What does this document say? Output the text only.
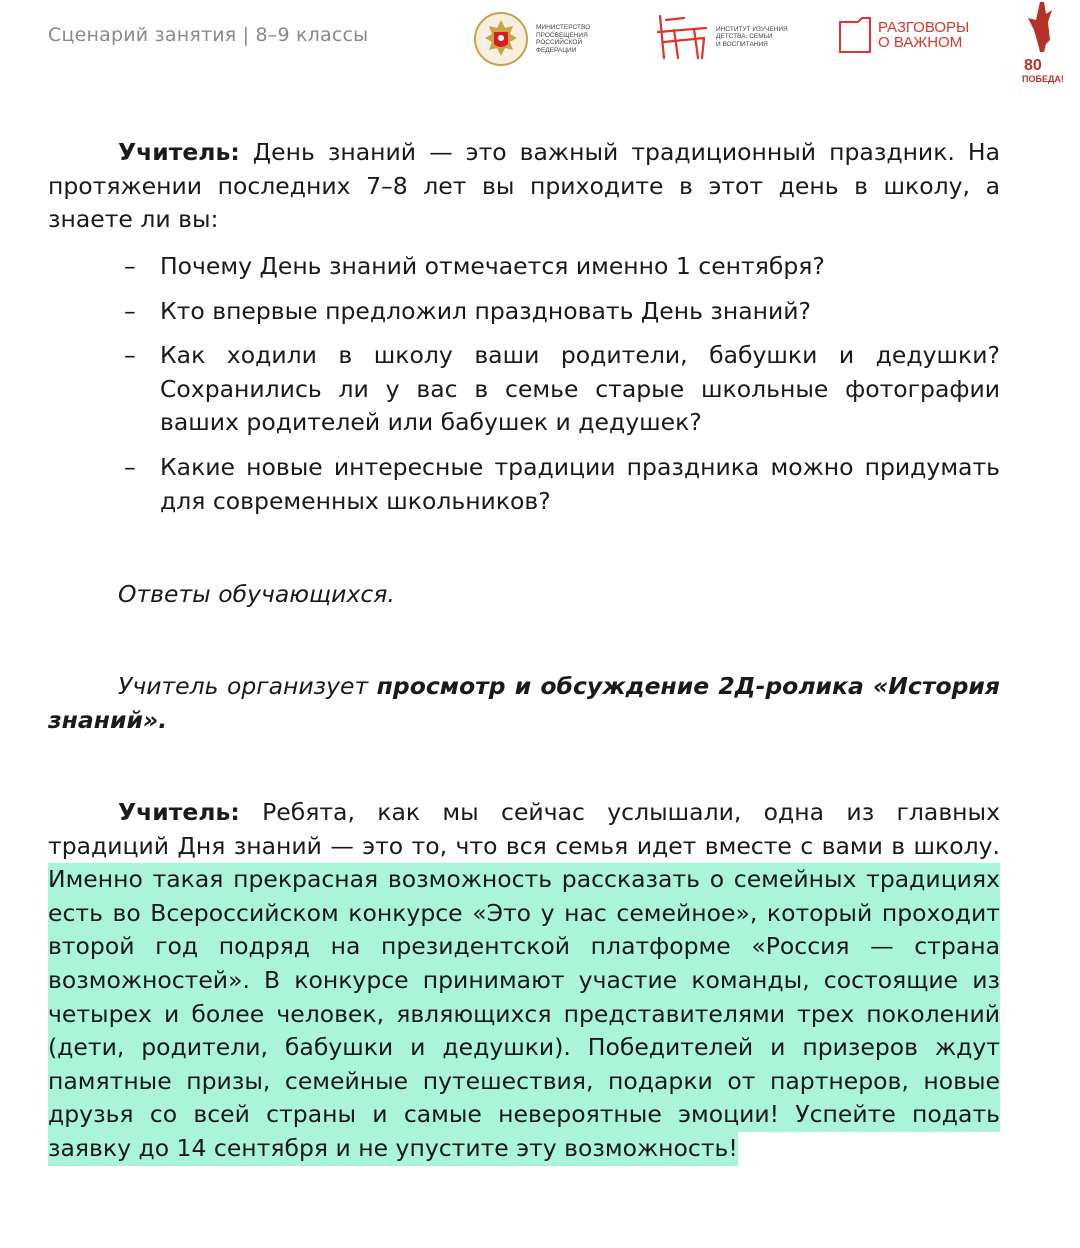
Сценарий занятия | 8–9 классы	МИНИСТЕРСТВО
ПРОСВЕЩЕНИЯ
РОССИЙСКОЙ
ФЕДЕРАЦИИ
ИНСТИТУТ ИЗУЧЕНИЯ
ДЕТСТВА, СЕМЬИ
И ВОСПИТАНИЯ
РАЗГОВОРЫ
О ВАЖНОМ
80
ПОБЕДА!
Учитель: День знаний — это важный традиционный праздник. На протяжении последних 7–8 лет вы приходите в этот день в школу, а знаете ли вы:
– Почему День знаний отмечается именно 1 сентября?
– Кто впервые предложил праздновать День знаний?
– Как ходили в школу ваши родители, бабушки и дедушки? Сохранились ли у вас в семье старые школьные фотографии ваших родителей или бабушек и дедушек?
– Какие новые интересные традиции праздника можно придумать для современных школьников?
Ответы обучающихся.
Учитель организует просмотр и обсуждение 2Д-ролика «История знаний».
Учитель: Ребята, как мы сейчас услышали, одна из главных традиций Дня знаний — это то, что вся семья идет вместе с вами в школу. Именно такая прекрасная возможность рассказать о семейных традициях есть во Всероссийском конкурсе «Это у нас семейное», который проходит второй год подряд на президентской платформе «Россия — страна возможностей». В конкурсе принимают участие команды, состоящие из четырех и более человек, являющихся представителями трех поколений (дети, родители, бабушки и дедушки). Победителей и призеров ждут памятные призы, семейные путешествия, подарки от партнеров, новые друзья со всей страны и самые невероятные эмоции! Успейте подать заявку до 14 сентября и не упустите эту возможность!
